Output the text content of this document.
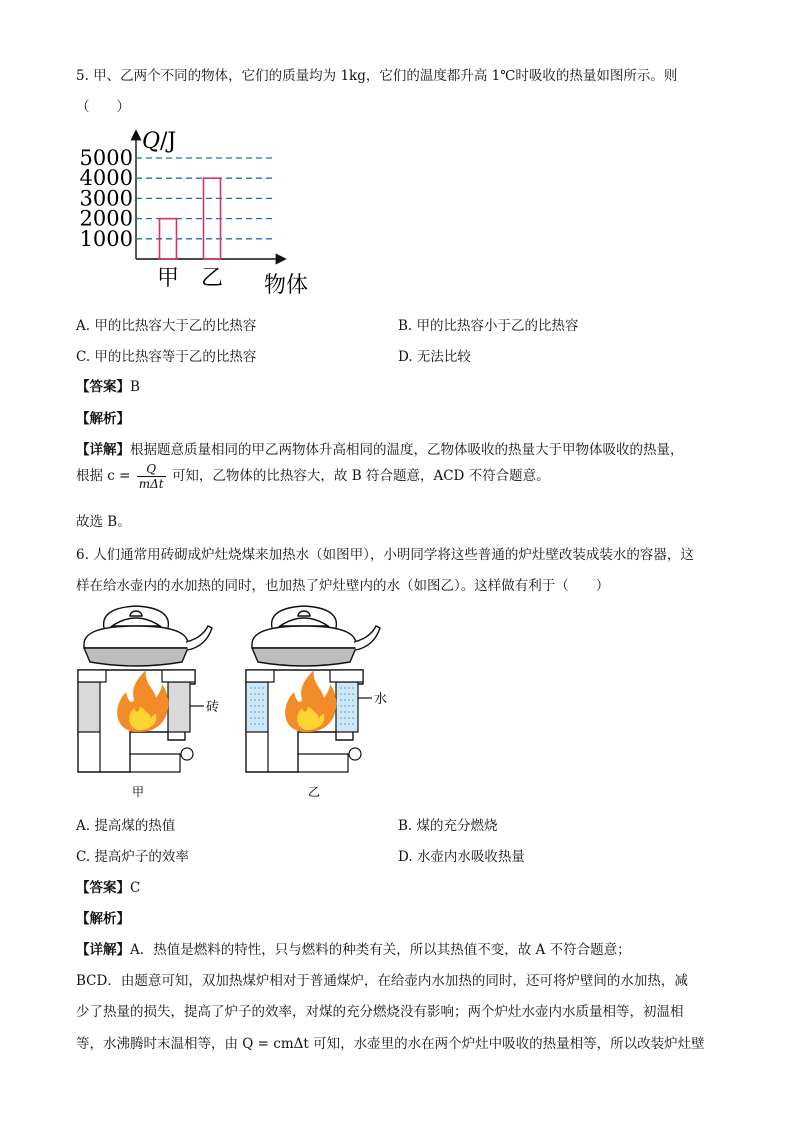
5. 甲、乙两个不同的物体，它们的质量均为 1kg，它们的温度都升高 1℃时吸收的热量如图所示。则
（　　）
Q /J
1000
2000
3000
4000
5000
甲 乙 物体
A. 甲的比热容大于乙的比热容	B. 甲的比热容小于乙的比热容
C. 甲的比热容等于乙的比热容	D. 无法比较
【答案】B
【解析】
【详解】根据题意质量相同的甲乙两物体升高相同的温度，乙物体吸收的热量大于甲物体吸收的热量，
根据 $c = \frac{Q}{\text{mΔt}}$ 可知，乙物体的比热容大，故 B 符合题意，ACD 不符合题意。
故选 B。
6. 人们通常用砖砌成炉灶烧煤来加热水（如图甲），小明同学将这些普通的炉灶壁改装成装水的容器，这
样在给水壶内的水加热的同时，也加热了炉灶壁内的水（如图乙）。这样做有利于（　　）
砖
甲
水
乙
A. 提高煤的热值	B. 煤的充分燃烧
C. 提高炉子的效率	D. 水壶内水吸收热量
【答案】C
【解析】
【详解】A．热值是燃料的特性，只与燃料的种类有关，所以其热值不变，故 A 不符合题意；
BCD．由题意可知，双加热煤炉相对于普通煤炉，在给壶内水加热的同时，还可将炉壁间的水加热，减
少了热量的损失，提高了炉子的效率，对煤的充分燃烧没有影响；两个炉灶水壶内水质量相等，初温相
等，水沸腾时末温相等，由 Q = cmΔt 可知，水壶里的水在两个炉灶中吸收的热量相等，所以改装炉灶壁
